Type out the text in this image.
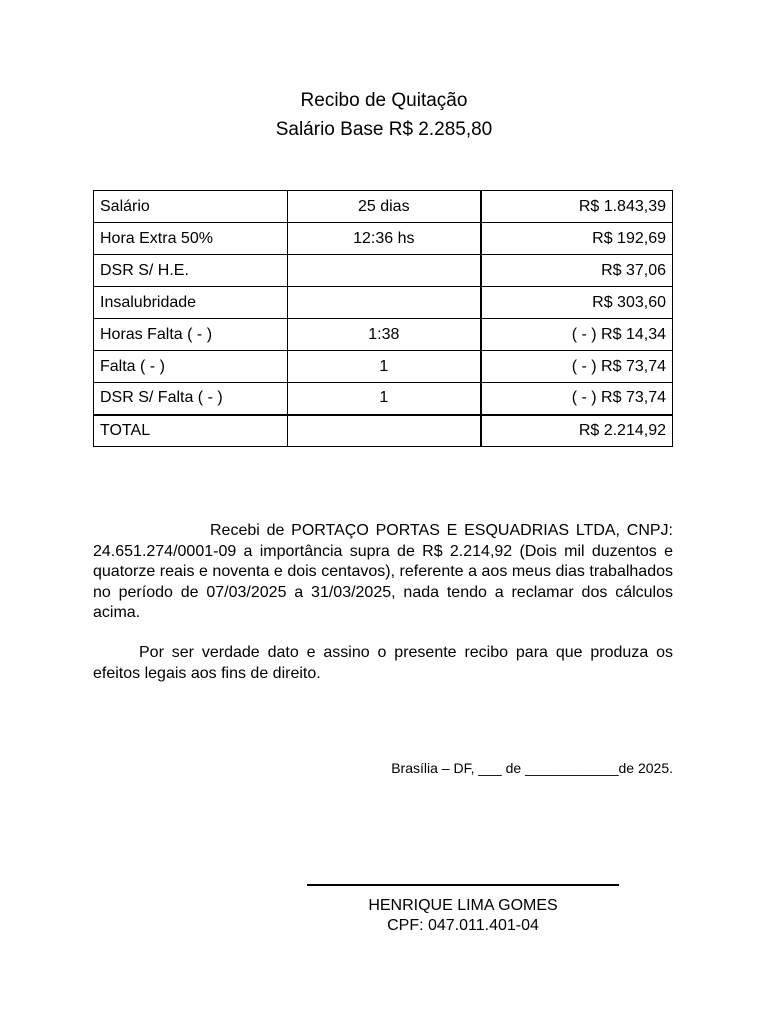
Recibo de Quitação
Salário Base R$ 2.285,80
Salário	25 dias	R$ 1.843,39
Hora Extra 50%	12:36 hs	R$ 192,69
DSR S/ H.E.		R$ 37,06
Insalubridade		R$ 303,60
Horas Falta ( - )	1:38	( - ) R$ 14,34
Falta ( - )	1	( - ) R$ 73,74
DSR S/ Falta ( - )	1	( - ) R$ 73,74
TOTAL		R$ 2.214,92

Recebi de PORTAÇO PORTAS E ESQUADRIAS LTDA, CNPJ: 24.651.274/0001-09 a importância supra de R$ 2.214,92 (Dois mil duzentos e quatorze reais e noventa e dois centavos), referente a aos meus dias trabalhados no período de 07/03/2025 a 31/03/2025, nada tendo a reclamar dos cálculos acima.

Por ser verdade dato e assino o presente recibo para que produza os efeitos legais aos fins de direito.

Brasília – DF, ___ de ____________de 2025.
HENRIQUE LIMA GOMES
CPF: 047.011.401-04
